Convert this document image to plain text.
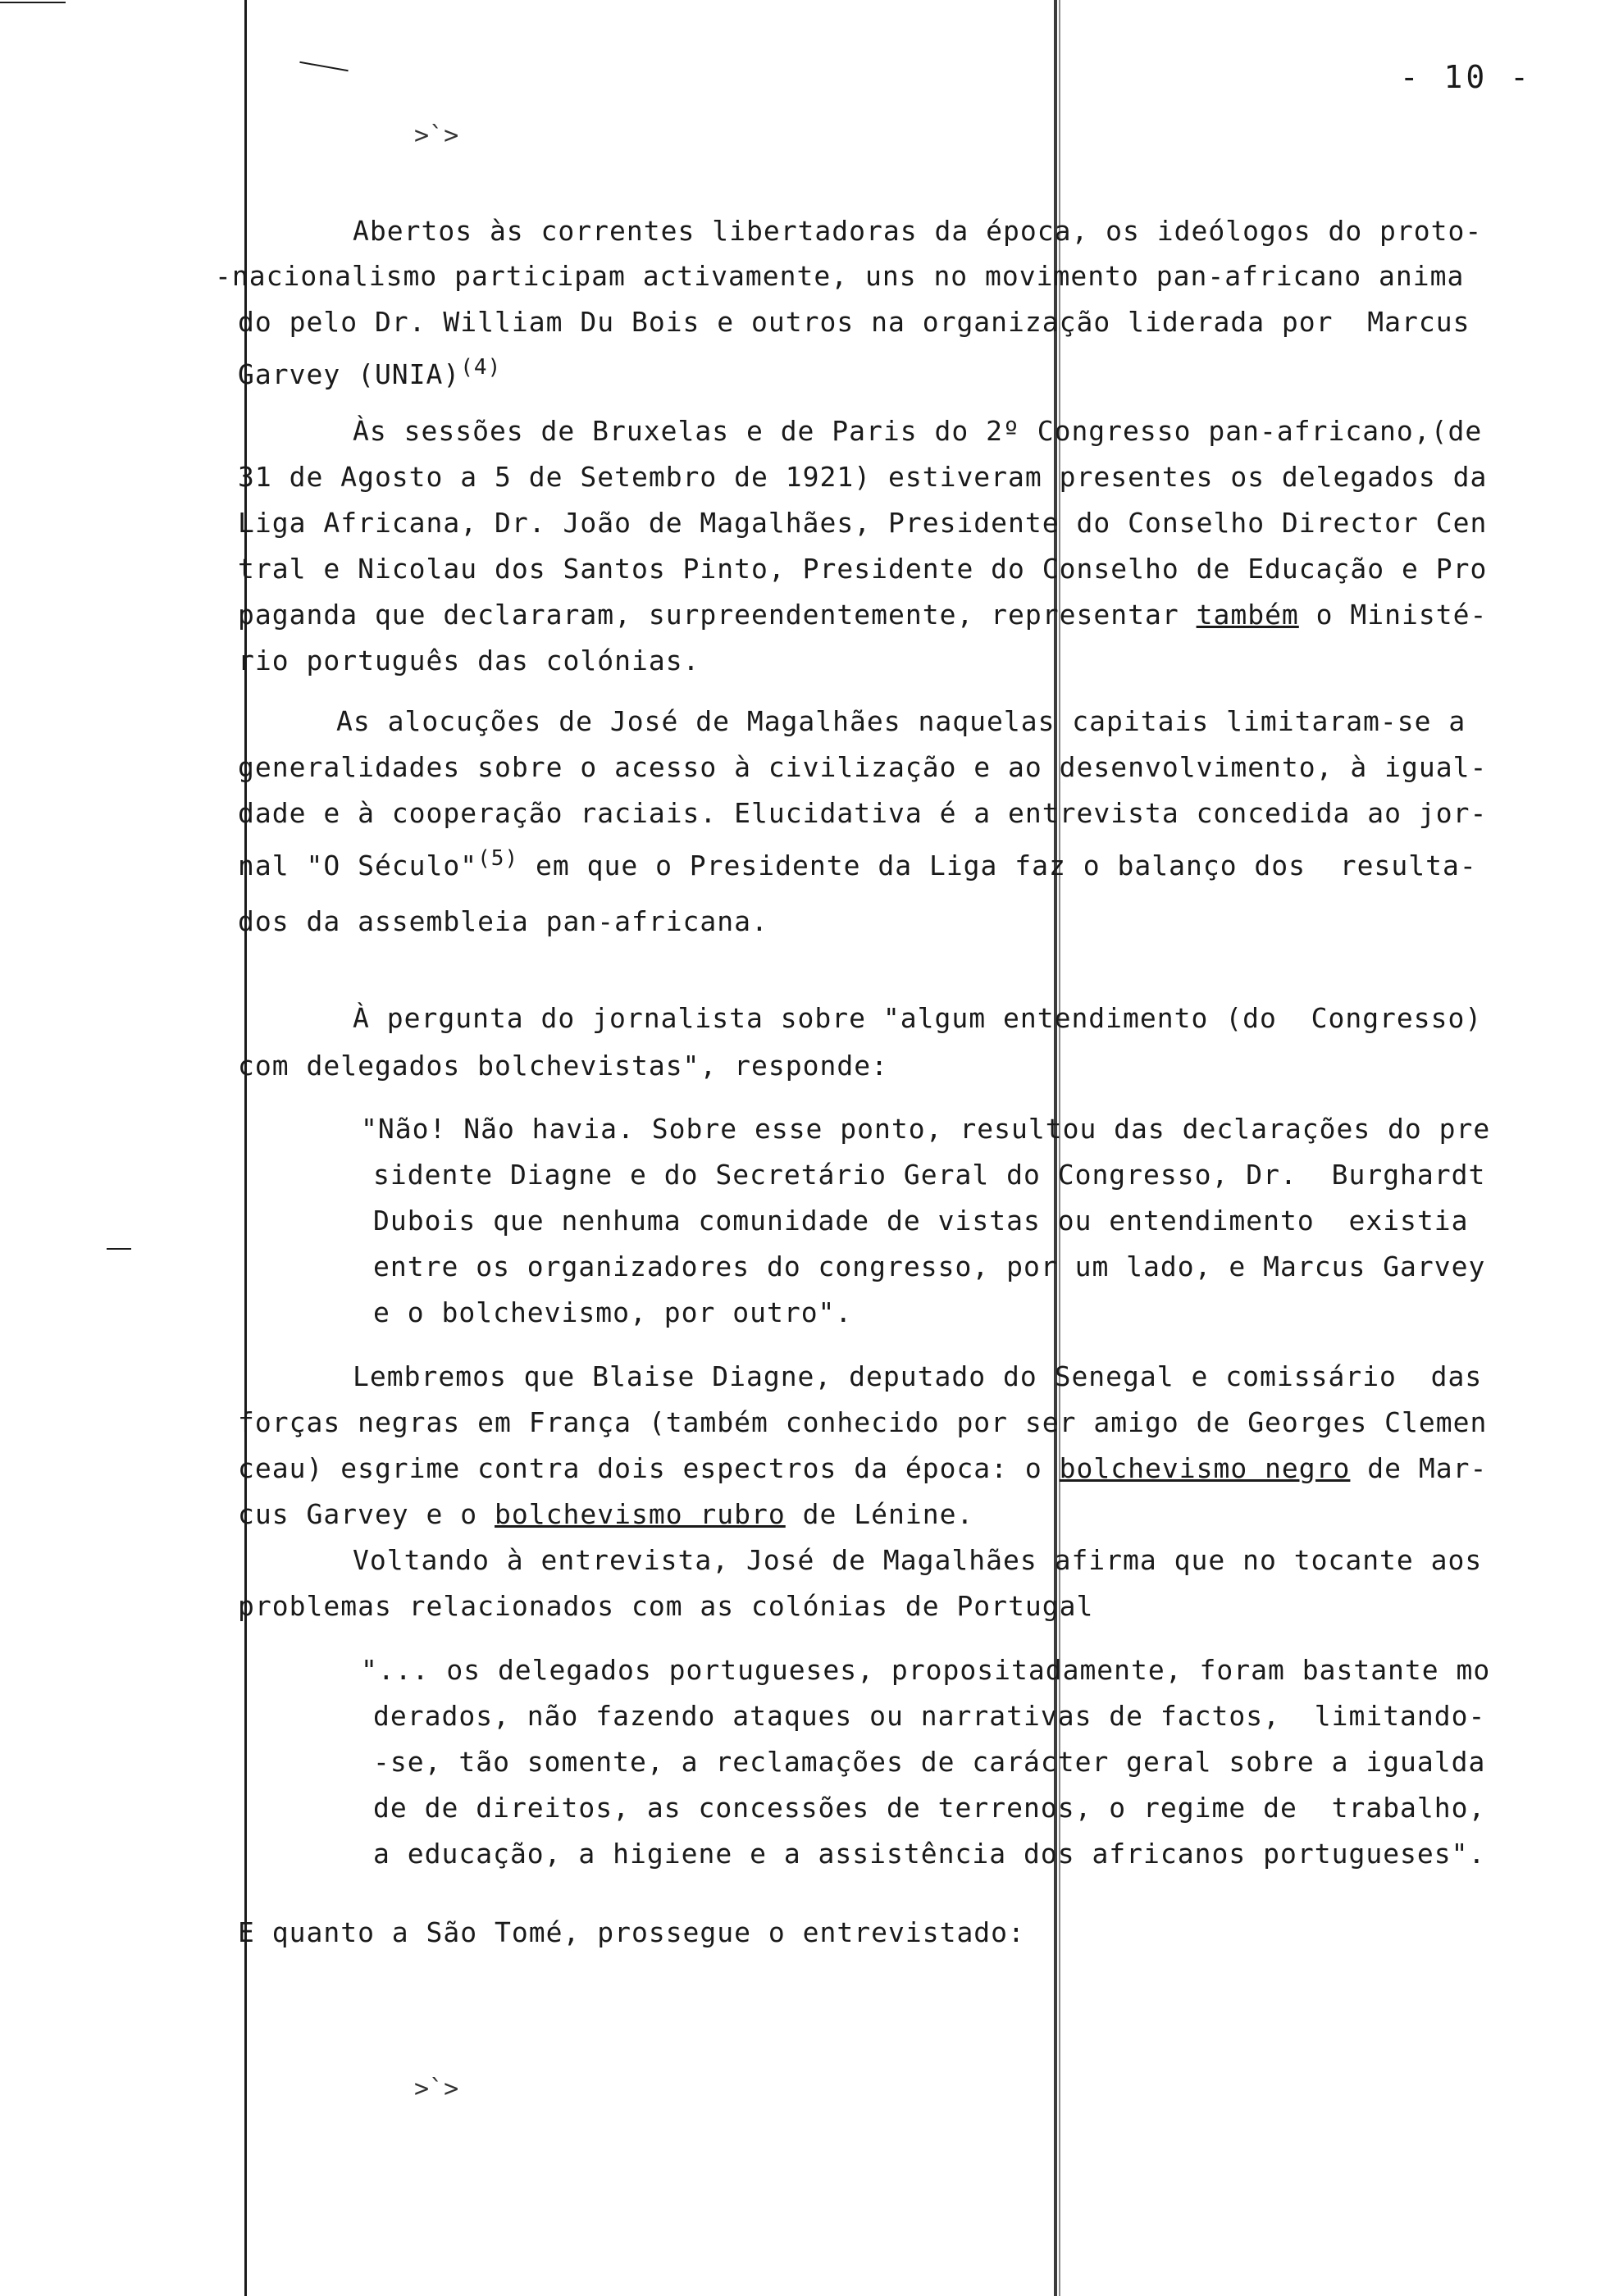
>`>
>`>
- 10 -
Abertos às correntes libertadoras da época, os ideólogos do proto-
-nacionalismo participam activamente, uns no movimento pan-africano anima
do pelo Dr. William Du Bois e outros na organização liderada por  Marcus
Garvey (UNIA)$^{(4)}$
Às sessões de Bruxelas e de Paris do 2º Congresso pan-africano,(de
31 de Agosto a 5 de Setembro de 1921) estiveram presentes os delegados da
Liga Africana, Dr. João de Magalhães, Presidente do Conselho Director Cen
tral e Nicolau dos Santos Pinto, Presidente do Conselho de Educação e Pro
paganda que declararam, surpreendentemente, representar também o Ministé-
rio português das colónias.
As alocuções de José de Magalhães naquelas capitais limitaram-se a
generalidades sobre o acesso à civilização e ao desenvolvimento, à igual-
dade e à cooperação raciais. Elucidativa é a entrevista concedida ao jor-
nal "O Século"$^{(5)}$ em que o Presidente da Liga faz o balanço dos  resulta-
dos da assembleia pan-africana.
À pergunta do jornalista sobre "algum entendimento (do  Congresso)
com delegados bolchevistas", responde:
"Não! Não havia. Sobre esse ponto, resultou das declarações do pre
sidente Diagne e do Secretário Geral do Congresso, Dr.  Burghardt
Dubois que nenhuma comunidade de vistas ou entendimento  existia
entre os organizadores do congresso, por um lado, e Marcus Garvey
e o bolchevismo, por outro".
Lembremos que Blaise Diagne, deputado do Senegal e comissário  das
forças negras em França (também conhecido por ser amigo de Georges Clemen
ceau) esgrime contra dois espectros da época: o bolchevismo negro de Mar-
cus Garvey e o bolchevismo rubro de Lénine.
Voltando à entrevista, José de Magalhães afirma que no tocante aos
problemas relacionados com as colónias de Portugal
"... os delegados portugueses, propositadamente, foram bastante mo
derados, não fazendo ataques ou narrativas de factos,  limitando-
-se, tão somente, a reclamações de carácter geral sobre a igualda
de de direitos, as concessões de terrenos, o regime de  trabalho,
a educação, a higiene e a assistência dos africanos portugueses".
E quanto a São Tomé, prossegue o entrevistado:
